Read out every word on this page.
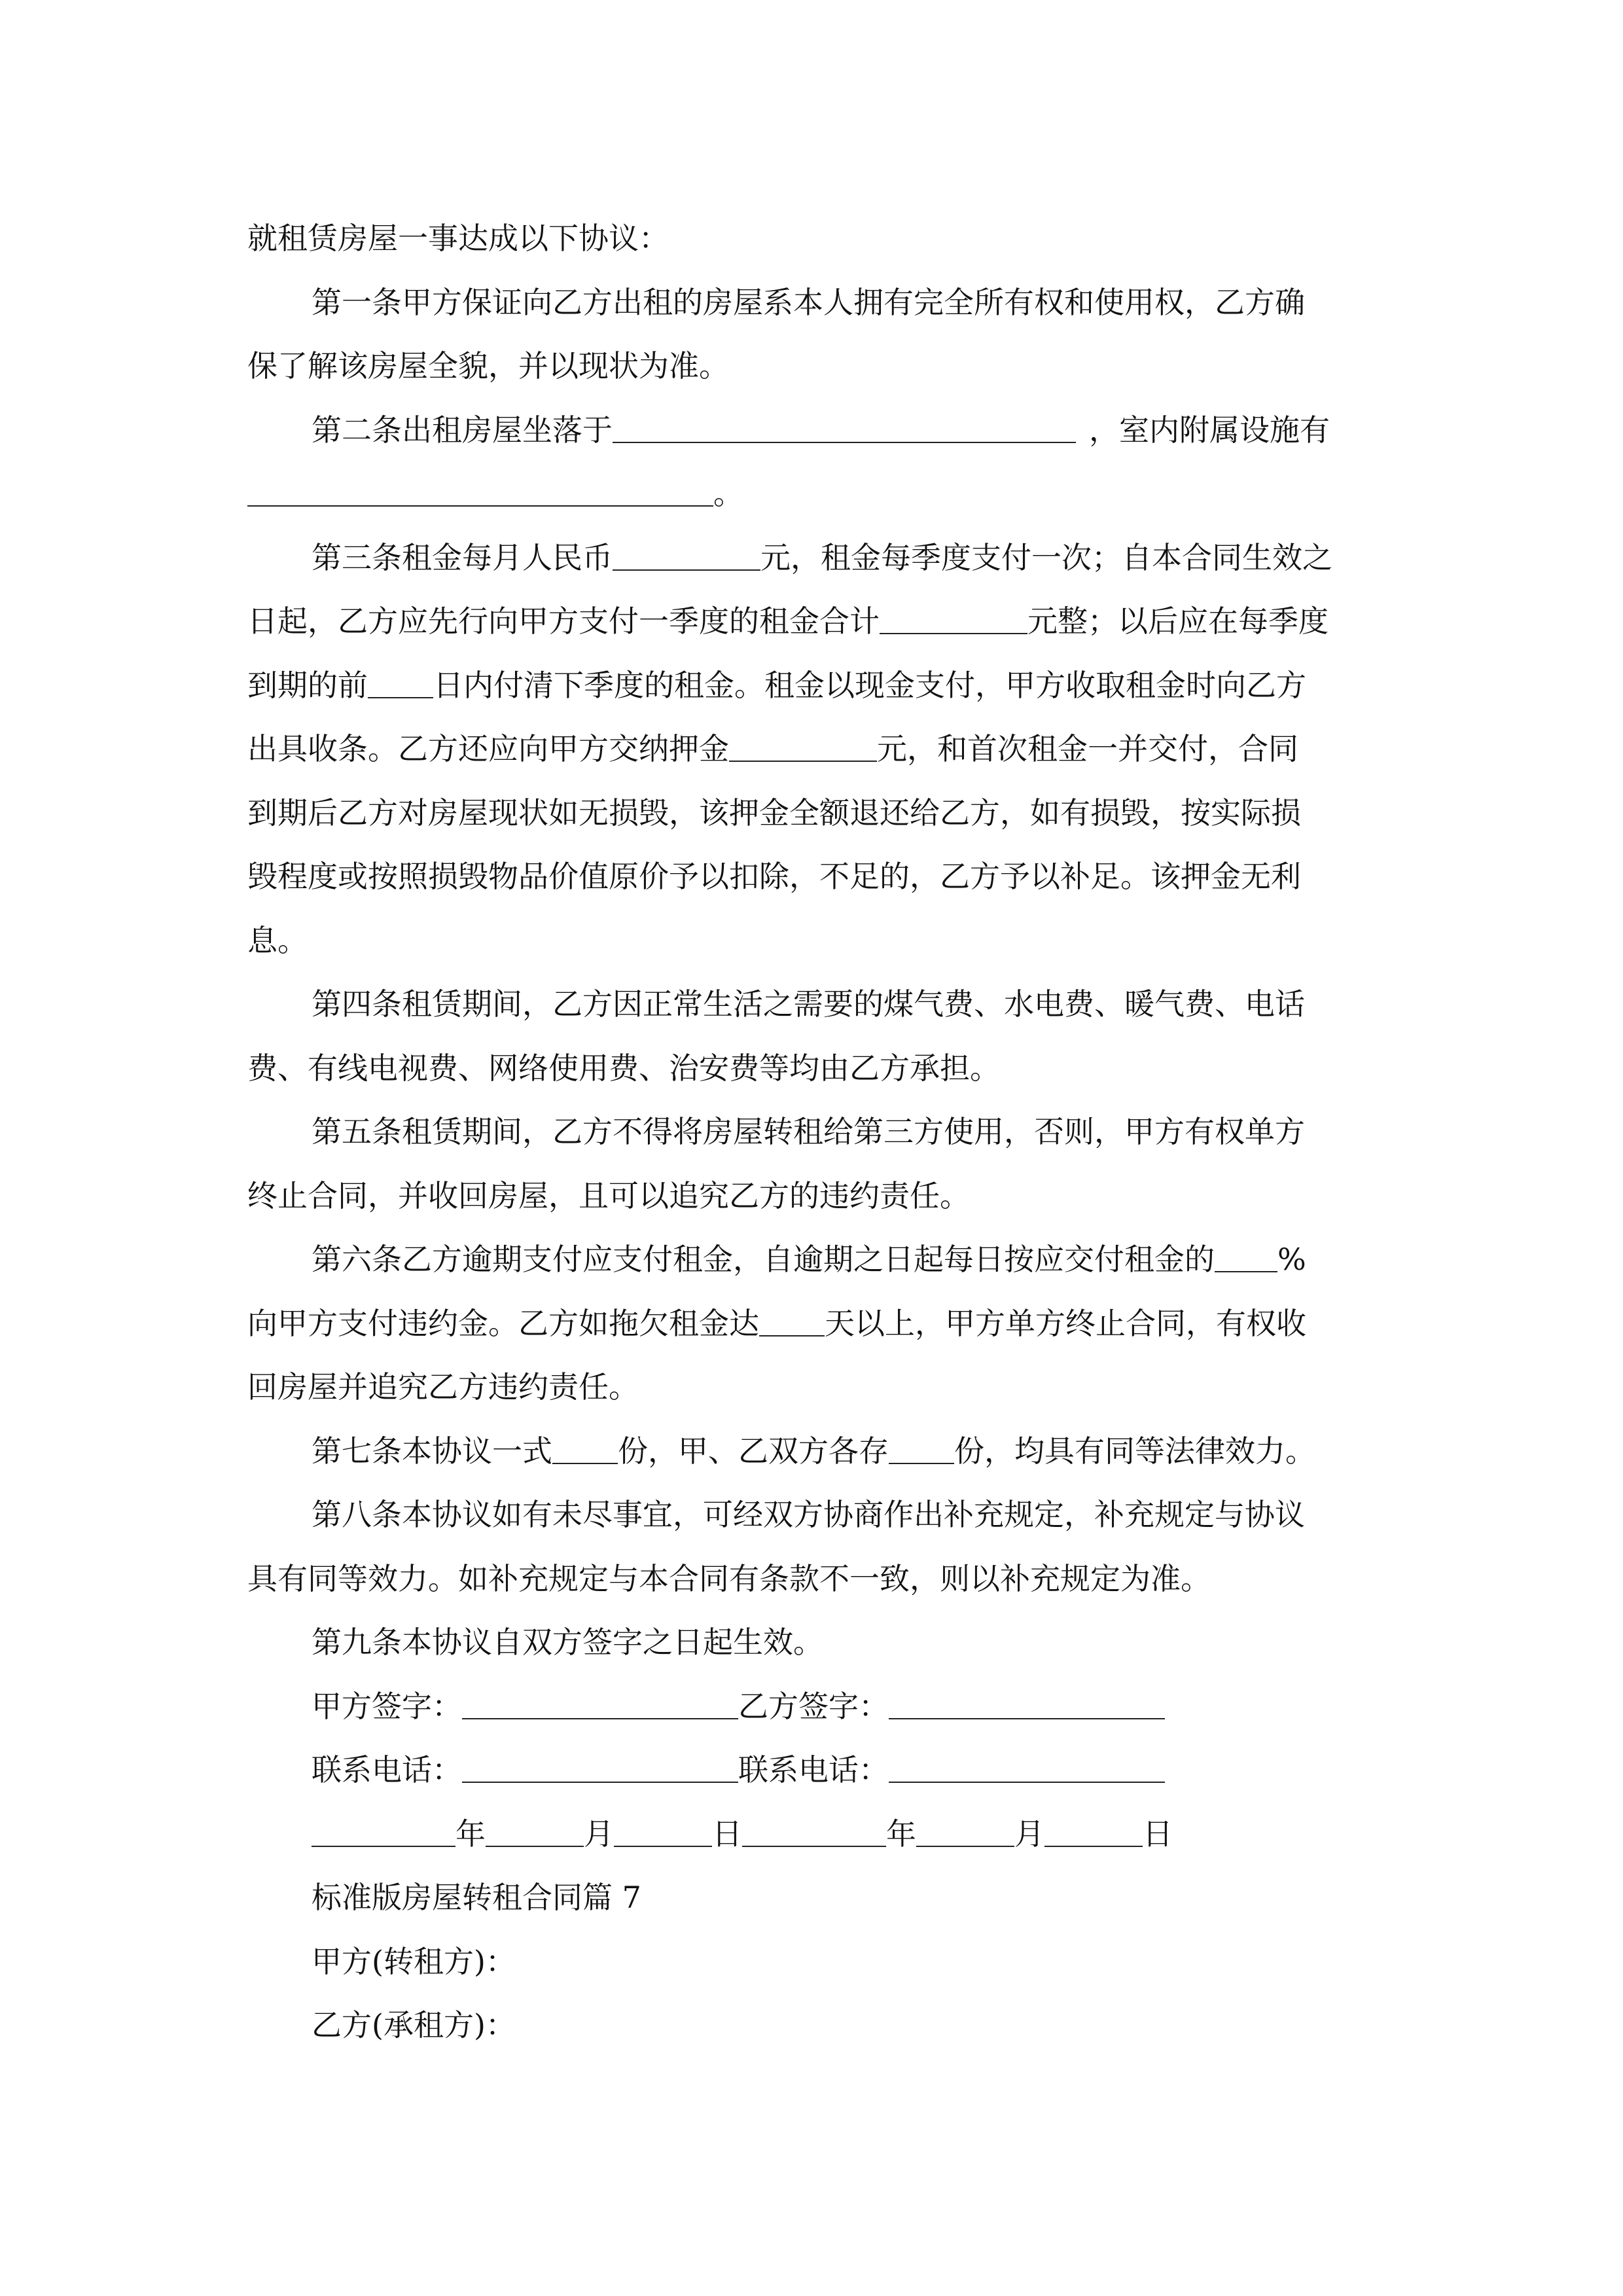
就租赁房屋一事达成以下协议：
第一条甲方保证向乙方出租的房屋系本人拥有完全所有权和使用权，乙方确
保了解该房屋全貌，并以现状为准。
第二条出租房屋坐落于	，室内附属设施有
。
第三条租金每月人民币	元，租金每季度支付一次；自本合同生效之
日起，乙方应先行向甲方支付一季度的租金合计	元整；以后应在每季度
到期的前 日内付清下季度的租金。租金以现金支付，甲方收取租金时向乙方
出具收条。乙方还应向甲方交纳押金	元，和首次租金一并交付，合同
到期后乙方对房屋现状如无损毁，该押金全额退还给乙方，如有损毁，按实际损
毁程度或按照损毁物品价值原价予以扣除，不足的，乙方予以补足。该押金无利
息。
第四条租赁期间，乙方因正常生活之需要的煤气费、水电费、暖气费、电话
费、有线电视费、网络使用费、治安费等均由乙方承担。
第五条租赁期间，乙方不得将房屋转租给第三方使用，否则，甲方有权单方
终止合同，并收回房屋，且可以追究乙方的违约责任。
第六条乙方逾期支付应支付租金，自逾期之日起每日按应交付租金的 %
向甲方支付违约金。乙方如拖欠租金达 天以上，甲方单方终止合同，有权收
回房屋并追究乙方违约责任。
第七条本协议一式 份，甲、乙双方各存 份，均具有同等法律效力。
第八条本协议如有未尽事宜，可经双方协商作出补充规定，补充规定与协议
具有同等效力。如补充规定与本合同有条款不一致，则以补充规定为准。
第九条本协议自双方签字之日起生效。
甲方签字：	乙方签字：
联系电话：	联系电话：
年	月	日	年	月	日
标准版房屋转租合同篇 7
甲方(转租方)：
乙方(承租方)：
